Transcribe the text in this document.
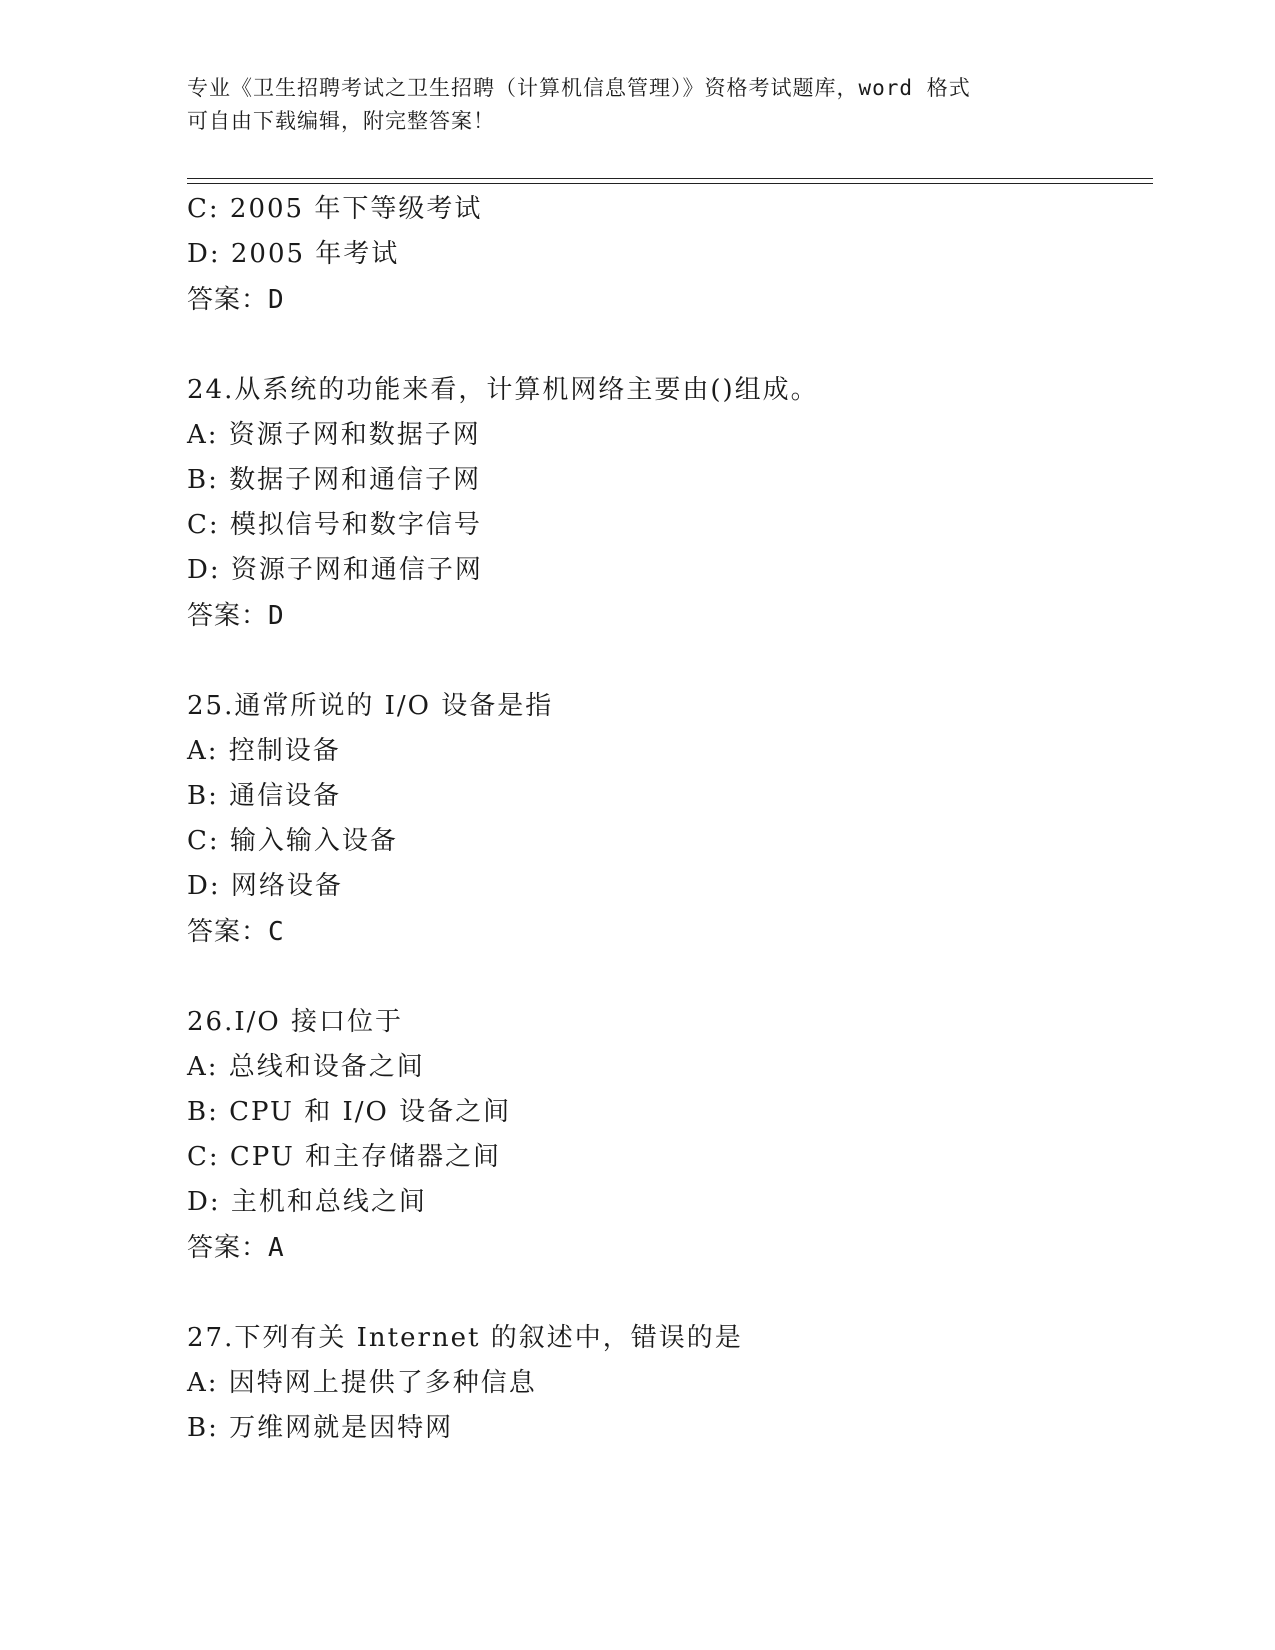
专业《卫生招聘考试之卫生招聘（计算机信息管理）》资格考试题库，word 格式
可自由下载编辑，附完整答案！
C: 2005 年下等级考试
D: 2005 年考试
答案：D
24.从系统的功能来看，计算机网络主要由()组成。
A: 资源子网和数据子网
B: 数据子网和通信子网
C: 模拟信号和数字信号
D: 资源子网和通信子网
答案：D
25.通常所说的 I/O 设备是指
A: 控制设备
B: 通信设备
C: 输入输入设备
D: 网络设备
答案：C
26.I/O 接口位于
A: 总线和设备之间
B: CPU 和 I/O 设备之间
C: CPU 和主存储器之间
D: 主机和总线之间
答案：A
27.下列有关 Internet 的叙述中，错误的是
A: 因特网上提供了多种信息
B: 万维网就是因特网
